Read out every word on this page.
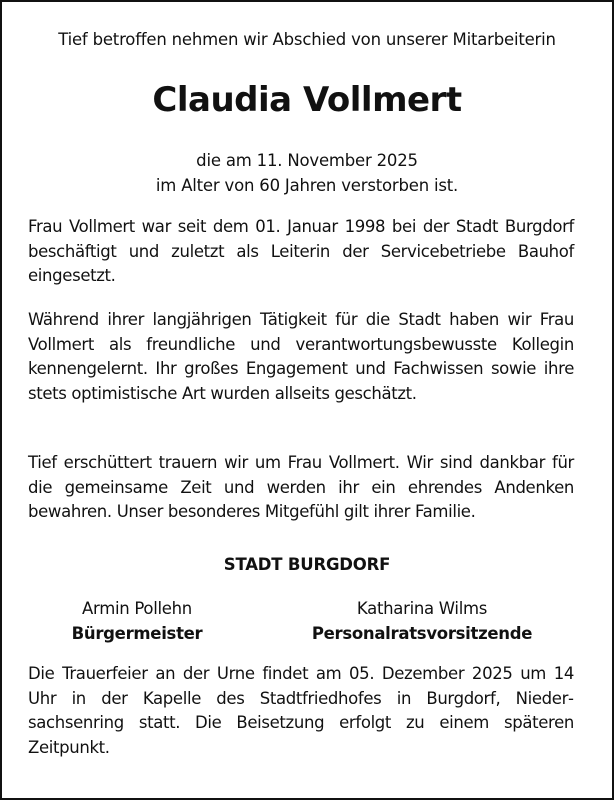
Tief betroffen nehmen wir Abschied von unserer Mitarbeiterin
Claudia Vollmert
die am 11. November 2025
im Alter von 60 Jahren verstorben ist.

Frau Vollmert war seit dem 01. Januar 1998 bei der Stadt Burgdorf beschäftigt und zuletzt als Leiterin der Servicebetriebe Bauhof eingesetzt.

Während ihrer langjährigen Tätigkeit für die Stadt haben wir Frau Vollmert als freundliche und verantwortungsbewusste Kollegin kennengelernt. Ihr großes Engagement und Fachwissen sowie ihre stets optimistische Art wurden allseits geschätzt.

Tief erschüttert trauern wir um Frau Vollmert. Wir sind dankbar für die gemeinsame Zeit und werden ihr ein ehrendes Andenken bewahren. Unser besonderes Mitgefühl gilt ihrer Familie.

STADT BURGDORF
Armin Pollehn
Bürgermeister
Katharina Wilms
Personalratsvorsitzende

Die Trauerfeier an der Urne findet am 05. Dezember 2025 um 14 Uhr in der Kapelle des Stadtfriedhofes in Burgdorf, Niedersachsenring statt. Die Beisetzung erfolgt zu einem späteren Zeitpunkt.
